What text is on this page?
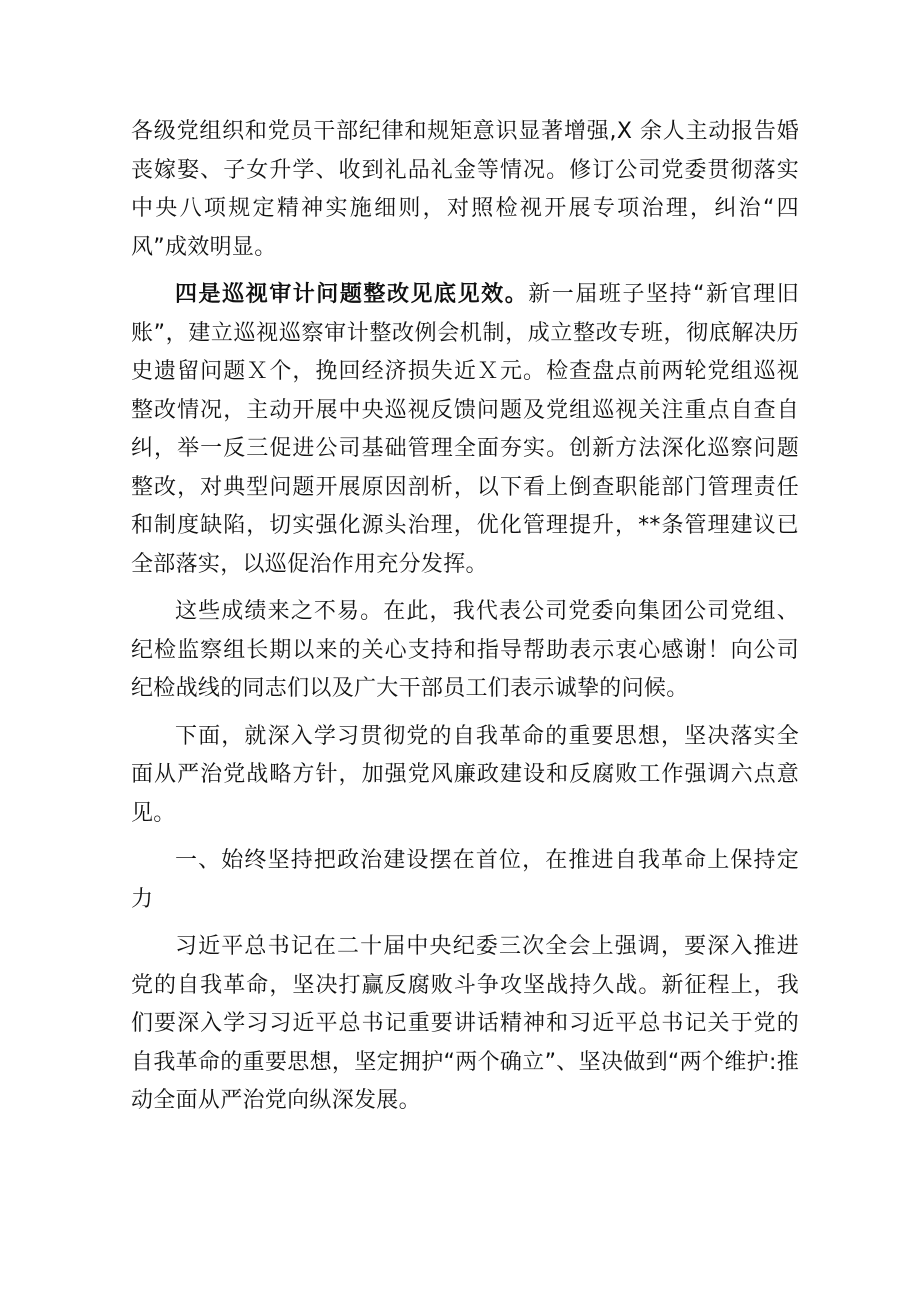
各级党组织和党员干部纪律和规矩意识显著增强,X 余人主动报告婚丧嫁娶、子女升学、收到礼品礼金等情况。修订公司党委贯彻落实中央八项规定精神实施细则，对照检视开展专项治理，纠治“四风”成效明显。

四是巡视审计问题整改见底见效。新一届班子坚持“新官理旧账”，建立巡视巡察审计整改例会机制，成立整改专班，彻底解决历史遗留问题Ｘ个，挽回经济损失近Ｘ元。检查盘点前两轮党组巡视整改情况，主动开展中央巡视反馈问题及党组巡视关注重点自查自纠，举一反三促进公司基础管理全面夯实。创新方法深化巡察问题整改，对典型问题开展原因剖析，以下看上倒查职能部门管理责任和制度缺陷，切实强化源头治理，优化管理提升，**条管理建议已全部落实，以巡促治作用充分发挥。

这些成绩来之不易。在此，我代表公司党委向集团公司党组、纪检监察组长期以来的关心支持和指导帮助表示衷心感谢！向公司纪检战线的同志们以及广大干部员工们表示诚挚的问候。

下面，就深入学习贯彻党的自我革命的重要思想，坚决落实全面从严治党战略方针，加强党风廉政建设和反腐败工作强调六点意见。

一、始终坚持把政治建设摆在首位，在推进自我革命上保持定力

习近平总书记在二十届中央纪委三次全会上强调，要深入推进党的自我革命，坚决打赢反腐败斗争攻坚战持久战。新征程上，我们要深入学习习近平总书记重要讲话精神和习近平总书记关于党的自我革命的重要思想，坚定拥护“两个确立”、坚决做到“两个维护:推动全面从严治党向纵深发展。
